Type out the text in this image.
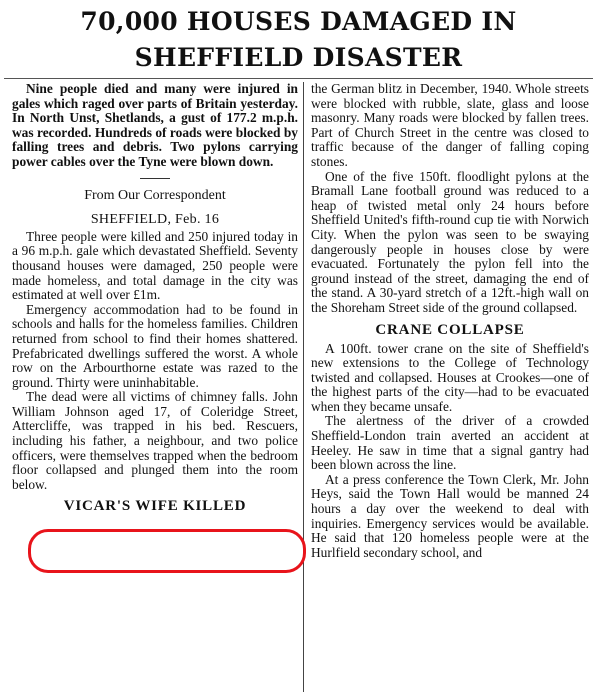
70,000 HOUSES DAMAGED IN
SHEFFIELD DISASTER

Nine people died and many were injured in gales which raged over parts of Britain yesterday. In North Unst, Shetlands, a gust of 177.2 m.p.h. was recorded. Hundreds of roads were blocked by falling trees and debris. Two pylons carrying power cables over the Tyne were blown down.

From Our Correspondent
SHEFFIELD, Feb. 16

Three people were killed and 250 injured today in a 96 m.p.h. gale which devastated Sheffield. Seventy thousand houses were damaged, 250 people were made homeless, and total damage in the city was estimated at well over £1m.

Emergency accommodation had to be found in schools and halls for the homeless families. Children returned from school to find their homes shattered. Prefabricated dwellings suffered the worst. A whole row on the Arbourthorne estate was razed to the ground. Thirty were uninhabitable.

The dead were all victims of chimney falls. John William Johnson aged 17, of Coleridge Street, Attercliffe, was trapped in his bed. Rescuers, including his father, a neighbour, and two police officers, were themselves trapped when the bedroom floor collapsed and plunged them into the room below.

VICAR'S WIFE KILLED

the German blitz in December, 1940. Whole streets were blocked with rubble, slate, glass and loose masonry. Many roads were blocked by fallen trees. Part of Church Street in the centre was closed to traffic because of the danger of falling coping stones.

One of the five 150ft. floodlight pylons at the Bramall Lane football ground was reduced to a heap of twisted metal only 24 hours before Sheffield United's fifth-round cup tie with Norwich City. When the pylon was seen to be swaying dangerously people in houses close by were evacuated. Fortunately the pylon fell into the ground instead of the street, damaging the end of the stand. A 30-yard stretch of a 12ft.-high wall on the Shoreham Street side of the ground collapsed.

CRANE COLLAPSE

A 100ft. tower crane on the site of Sheffield's new extensions to the College of Technology twisted and collapsed. Houses at Crookes—one of the highest parts of the city—had to be evacuated when they became unsafe.

The alertness of the driver of a crowded Sheffield-London train averted an accident at Heeley. He saw in time that a signal gantry had been blown across the line.

At a press conference the Town Clerk, Mr. John Heys, said the Town Hall would be manned 24 hours a day over the weekend to deal with inquiries. Emergency services would be available. He said that 120 homeless people were at the Hurlfield secondary school, and
